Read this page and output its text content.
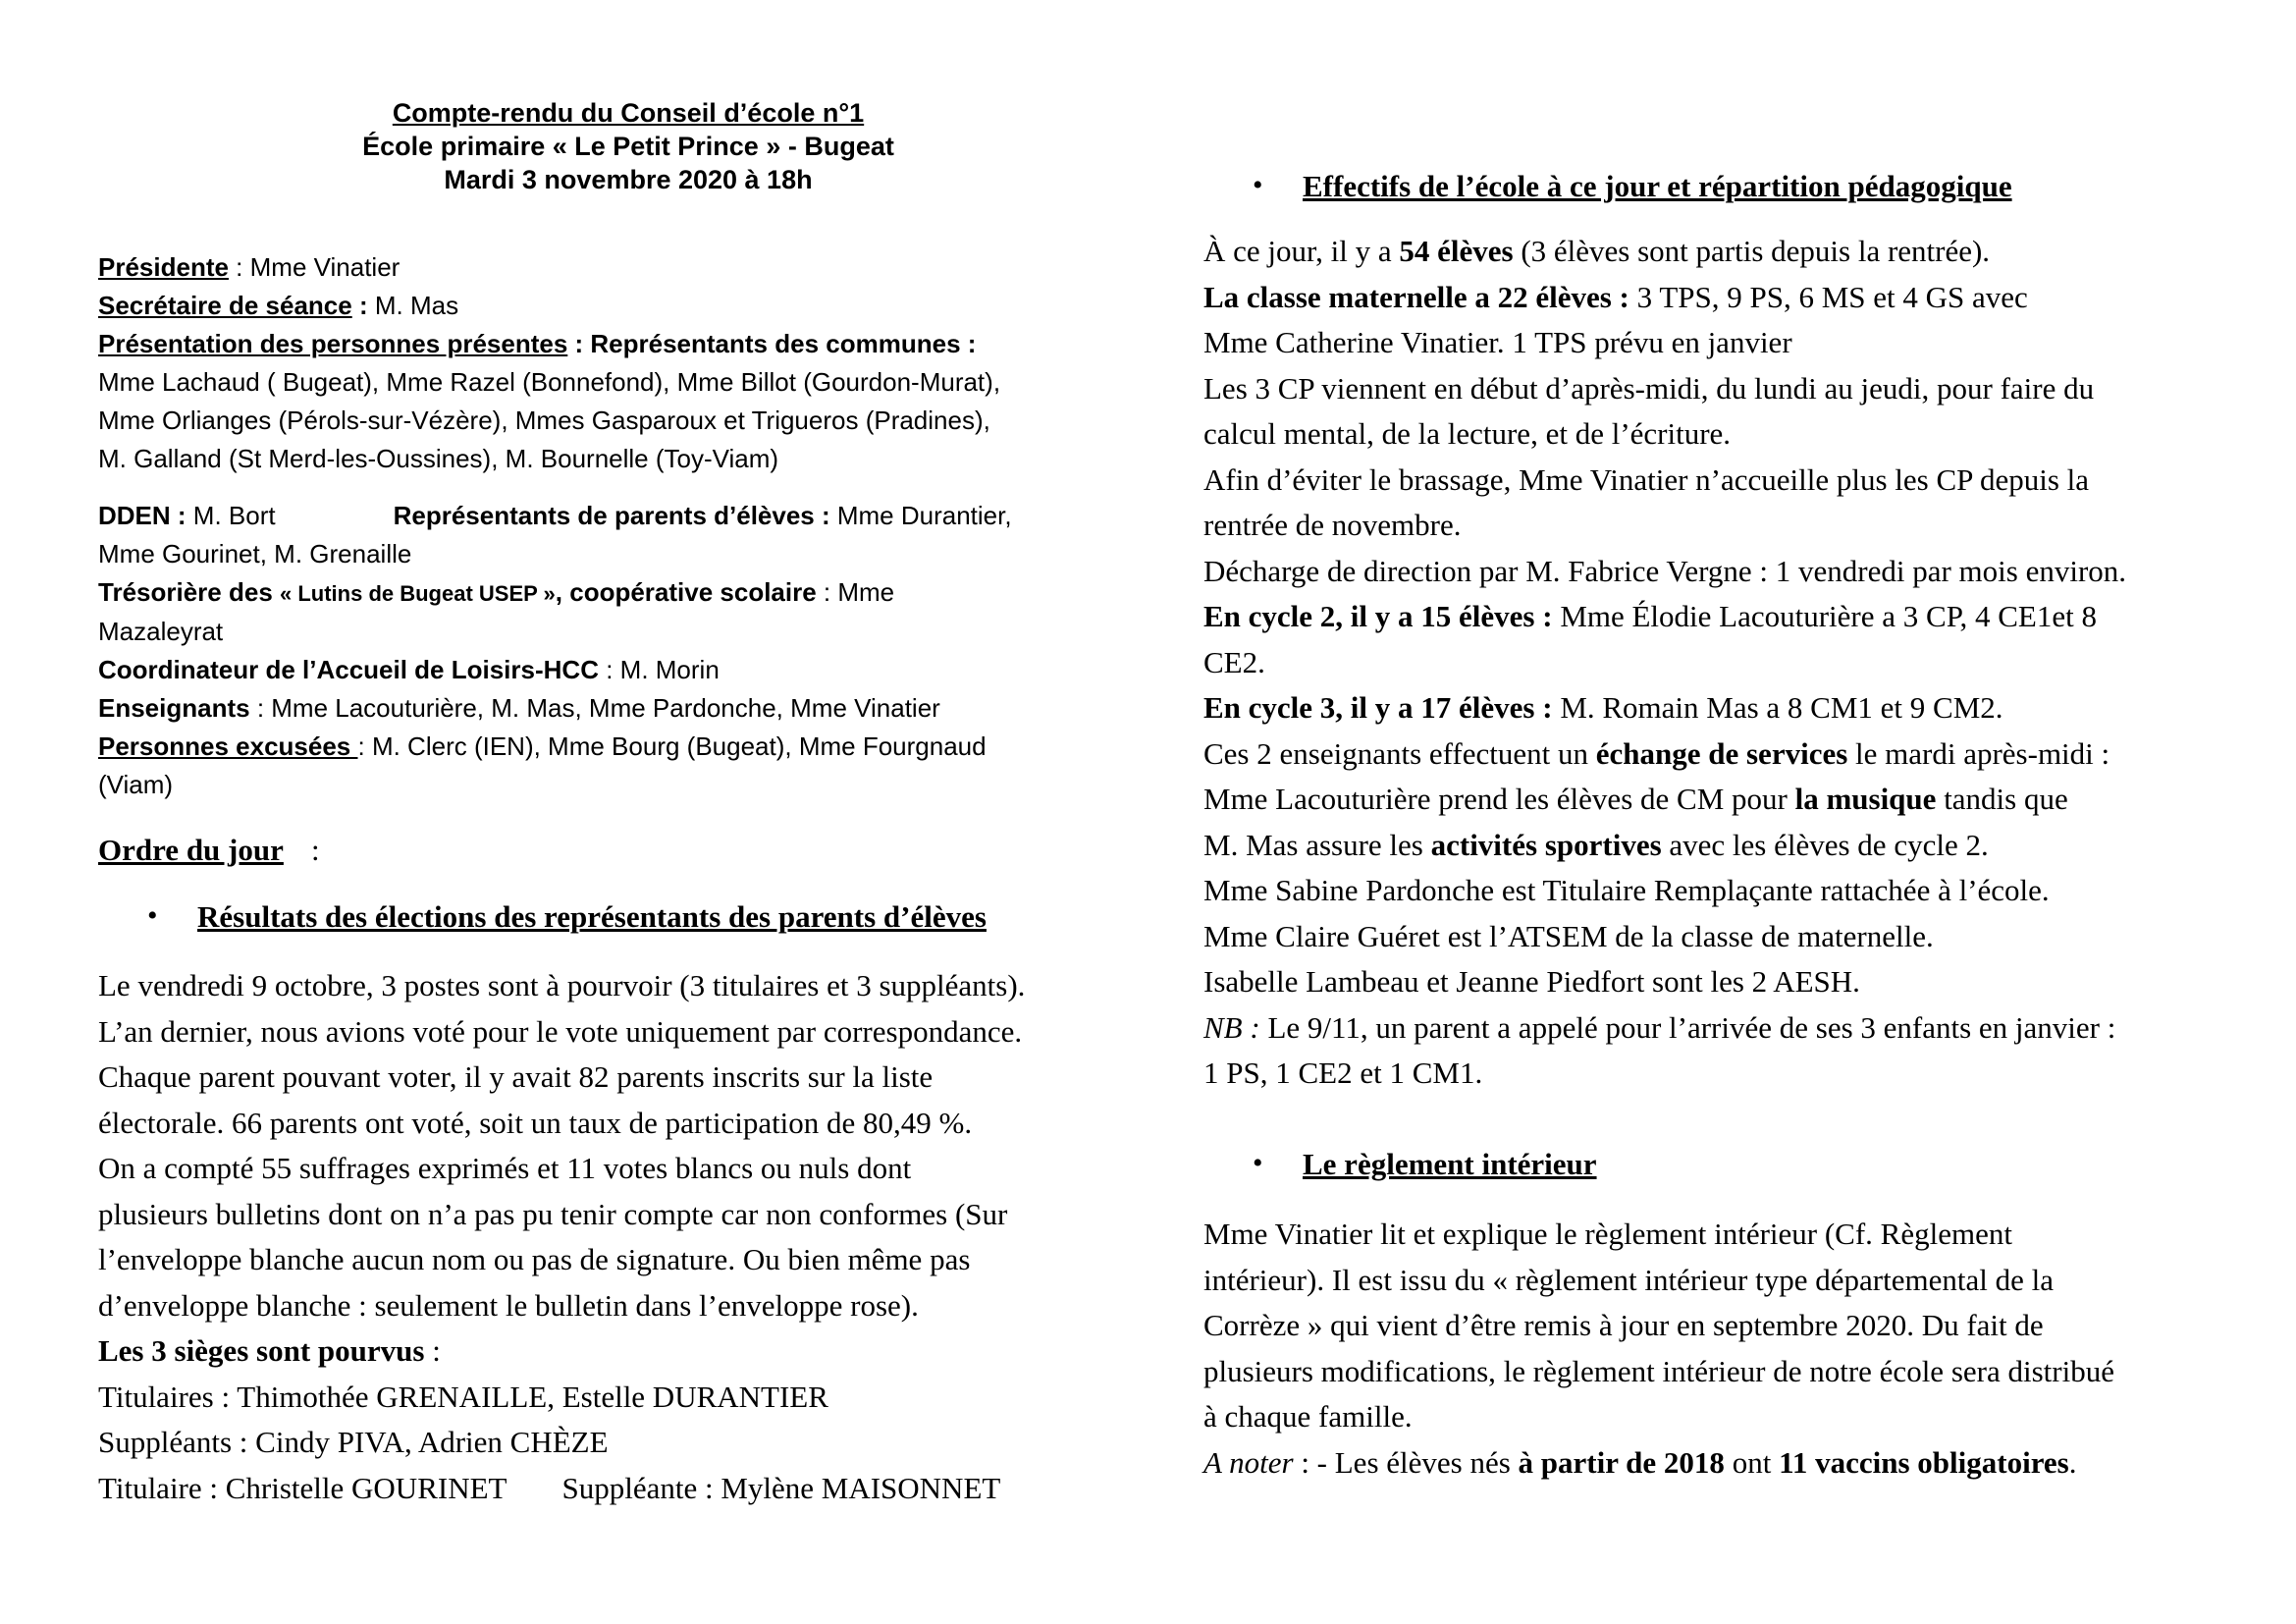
Compte-rendu du Conseil d’école n°1
École primaire « Le Petit Prince » - Bugeat
Mardi 3 novembre 2020 à 18h
Présidente : Mme Vinatier
Secrétaire de séance : M. Mas
Présentation des personnes présentes : Représentants des communes :
Mme Lachaud ( Bugeat), Mme Razel (Bonnefond), Mme Billot (Gourdon-Murat),
Mme Orlianges (Pérols-sur-Vézère), Mmes Gasparoux et Trigueros (Pradines),
M. Galland (St Merd-les-Oussines), M. Bournelle (Toy-Viam)
DDEN : M. Bort	Représentants de parents d’élèves : Mme Durantier,
Mme Gourinet, M. Grenaille
Trésorière des « Lutins de Bugeat USEP », coopérative scolaire : Mme
Mazaleyrat
Coordinateur de l’Accueil de Loisirs-HCC : M. Morin
Enseignants : Mme Lacouturière, M. Mas, Mme Pardonche, Mme Vinatier
Personnes excusées : M. Clerc (IEN), Mme Bourg (Bugeat), Mme Fourgnaud
(Viam)
Ordre du jour :
• Résultats des élections des représentants des parents d’élèves
Le vendredi 9 octobre, 3 postes sont à pourvoir (3 titulaires et 3 suppléants).
L’an dernier, nous avions voté pour le vote uniquement par correspondance.
Chaque parent pouvant voter, il y avait 82 parents inscrits sur la liste
électorale. 66 parents ont voté, soit un taux de participation de 80,49 %.
On a compté 55 suffrages exprimés et 11 votes blancs ou nuls dont
plusieurs bulletins dont on n’a pas pu tenir compte car non conformes (Sur
l’enveloppe blanche aucun nom ou pas de signature. Ou bien même pas
d’enveloppe blanche : seulement le bulletin dans l’enveloppe rose).
Les 3 sièges sont pourvus :
Titulaires : Thimothée GRENAILLE, Estelle DURANTIER
Suppléants : Cindy PIVA, Adrien CHÈZE
Titulaire : Christelle GOURINET Suppléante : Mylène MAISONNET
• Effectifs de l’école à ce jour et répartition pédagogique
À ce jour, il y a 54 élèves (3 élèves sont partis depuis la rentrée).
La classe maternelle a 22 élèves : 3 TPS, 9 PS, 6 MS et 4 GS avec
Mme Catherine Vinatier. 1 TPS prévu en janvier
Les 3 CP viennent en début d’après-midi, du lundi au jeudi, pour faire du
calcul mental, de la lecture, et de l’écriture.
Afin d’éviter le brassage, Mme Vinatier n’accueille plus les CP depuis la
rentrée de novembre.
Décharge de direction par M. Fabrice Vergne : 1 vendredi par mois environ.
En cycle 2, il y a 15 élèves : Mme Élodie Lacouturière a 3 CP, 4 CE1et 8
CE2.
En cycle 3, il y a 17 élèves : M. Romain Mas a 8 CM1 et 9 CM2.
Ces 2 enseignants effectuent un échange de services le mardi après-midi :
Mme Lacouturière prend les élèves de CM pour la musique tandis que
M. Mas assure les activités sportives avec les élèves de cycle 2.
Mme Sabine Pardonche est Titulaire Remplaçante rattachée à l’école.
Mme Claire Guéret est l’ATSEM de la classe de maternelle.
Isabelle Lambeau et Jeanne Piedfort sont les 2 AESH.
NB : Le 9/11, un parent a appelé pour l’arrivée de ses 3 enfants en janvier :
1 PS, 1 CE2 et 1 CM1.
• Le règlement intérieur
Mme Vinatier lit et explique le règlement intérieur (Cf. Règlement
intérieur). Il est issu du « règlement intérieur type départemental de la
Corrèze » qui vient d’être remis à jour en septembre 2020. Du fait de
plusieurs modifications, le règlement intérieur de notre école sera distribué
à chaque famille.
A noter : - Les élèves nés à partir de 2018 ont 11 vaccins obligatoires.
